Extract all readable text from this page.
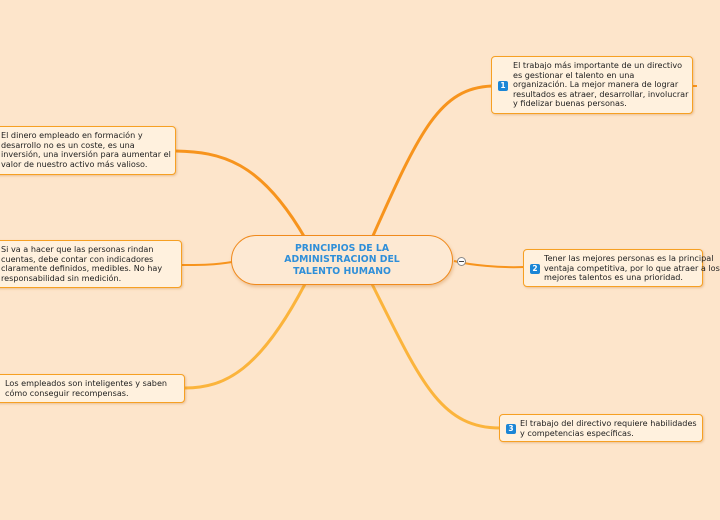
PRINCIPIOS DE LA ADMINISTRACION DEL TALENTO HUMANO
1
El trabajo más importante de un directivo
es gestionar el talento en una
organización. La mejor manera de lograr
resultados es atraer, desarrollar, involucrar
y fidelizar buenas personas.
2
Tener las mejores personas es la principal
ventaja competitiva, por lo que atraer a los
mejores talentos es una prioridad.
3
El trabajo del directivo requiere habilidades
y competencias específicas.
El dinero empleado en formación y
desarrollo no es un coste, es una
inversión, una inversión para aumentar el
valor de nuestro activo más valioso.
Si va a hacer que las personas rindan
cuentas, debe contar con indicadores
claramente definidos, medibles. No hay
responsabilidad sin medición.
Los empleados son inteligentes y saben
cómo conseguir recompensas.
